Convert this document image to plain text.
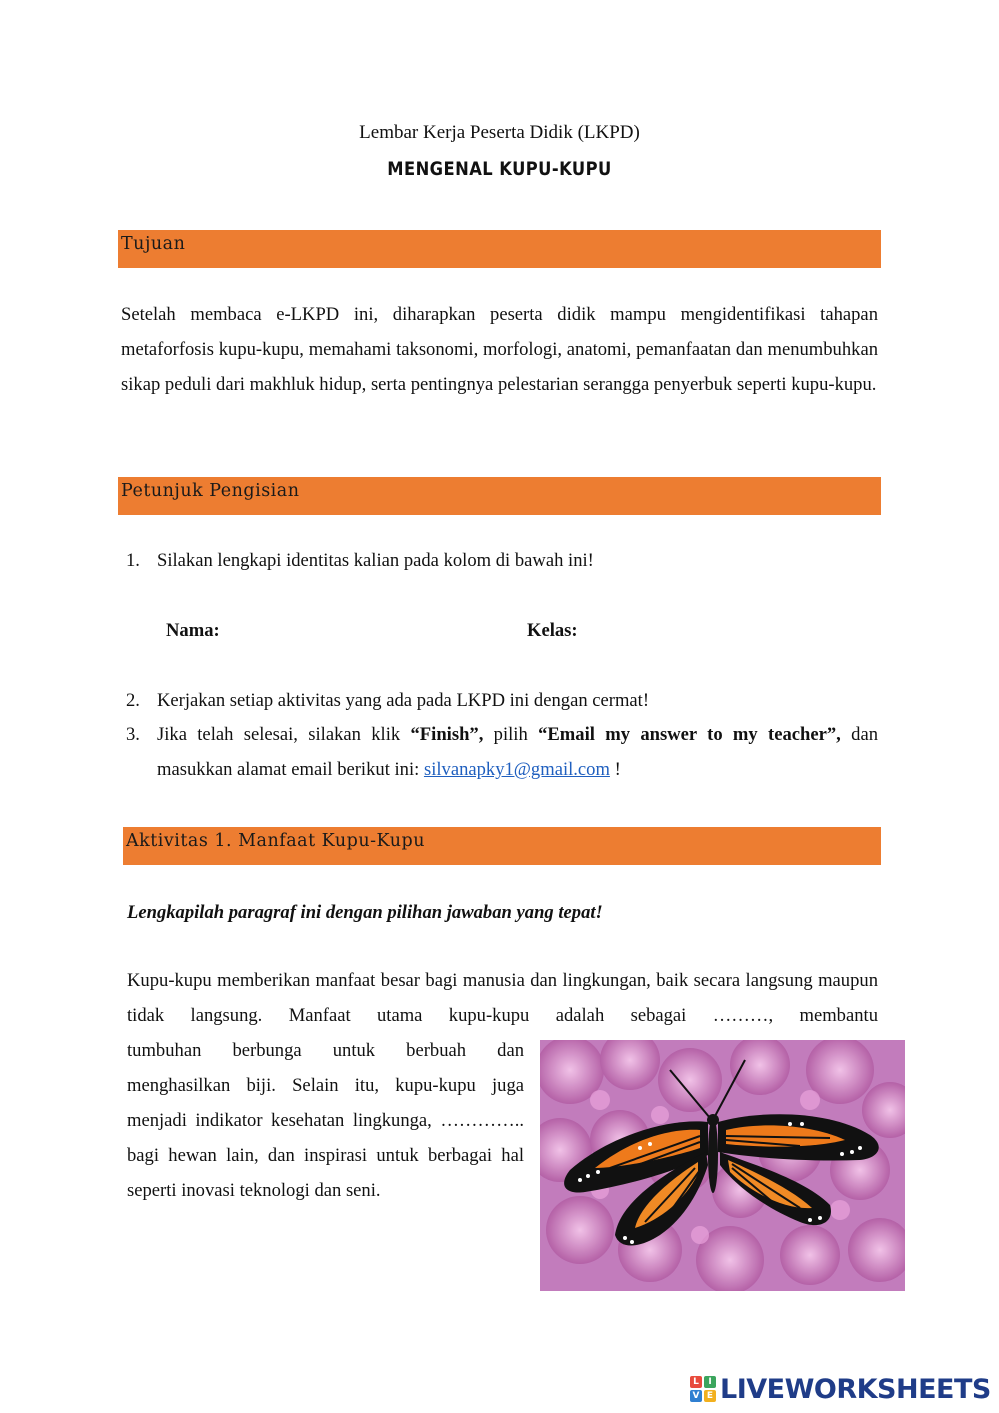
Lembar Kerja Peserta Didik (LKPD)
MENGENAL KUPU-KUPU
Tujuan
Setelah membaca e-LKPD ini, diharapkan peserta didik mampu mengidentifikasi tahapan metaforfosis kupu-kupu, memahami taksonomi, morfologi, anatomi, pemanfaatan dan menumbuhkan sikap peduli dari makhluk hidup, serta pentingnya pelestarian serangga penyerbuk seperti kupu-kupu.
Petunjuk Pengisian
1. Silakan lengkapi identitas kalian pada kolom di bawah ini!
Nama:	Kelas:
2. Kerjakan setiap aktivitas yang ada pada LKPD ini dengan cermat!
3. Jika telah selesai, silakan klik “Finish”, pilih “Email my answer to my teacher”, dan
masukkan alamat email berikut ini: silvanapky1@gmail.com !
Aktivitas 1. Manfaat Kupu-Kupu
Lengkapilah paragraf ini dengan pilihan jawaban yang tepat!
Kupu-kupu memberikan manfaat besar bagi manusia dan lingkungan, baik secara langsung maupun tidak langsung. Manfaat utama kupu-kupu adalah sebagai ………, membantu
tumbuhan berbunga untuk berbuah dan menghasilkan biji. Selain itu, kupu-kupu juga menjadi indikator kesehatan lingkunga, ………….. bagi hewan lain, dan inspirasi untuk berbagai hal seperti inovasi teknologi dan seni.
L	I
V E LIVEWORKSHEETS
